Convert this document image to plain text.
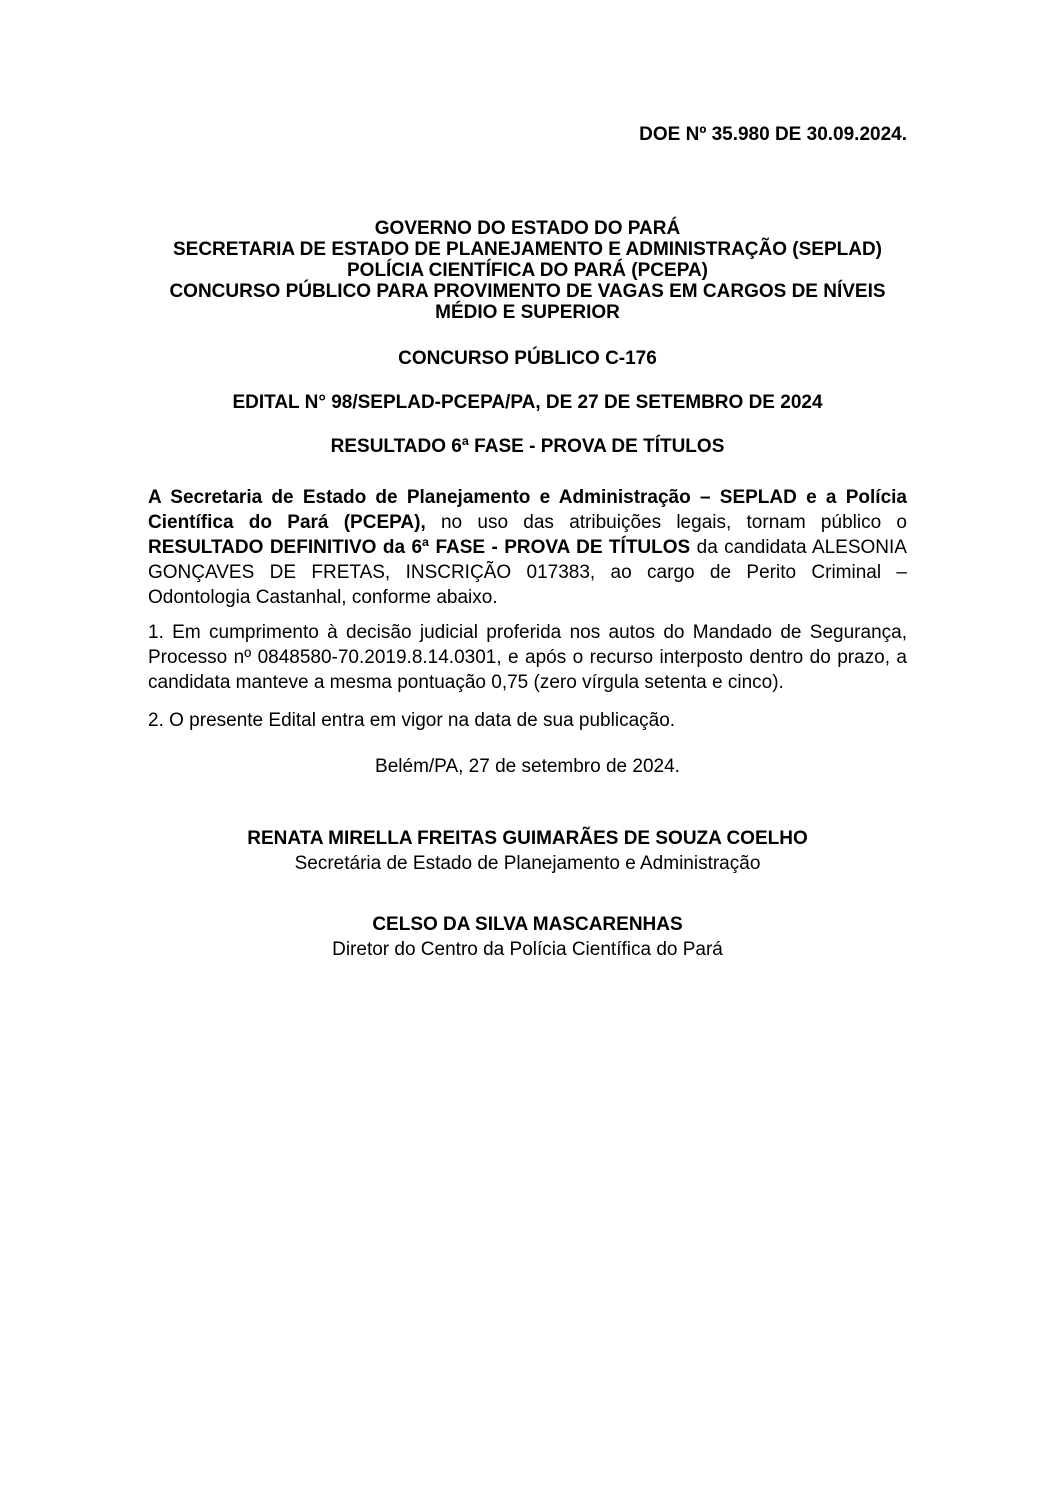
DOE Nº 35.980 DE 30.09.2024.
GOVERNO DO ESTADO DO PARÁ
SECRETARIA DE ESTADO DE PLANEJAMENTO E ADMINISTRAÇÃO (SEPLAD)
POLÍCIA CIENTÍFICA DO PARÁ (PCEPA)
CONCURSO PÚBLICO PARA PROVIMENTO DE VAGAS EM CARGOS DE NÍVEIS
MÉDIO E SUPERIOR
CONCURSO PÚBLICO C-176
EDITAL N° 98/SEPLAD-PCEPA/PA, DE 27 DE SETEMBRO DE 2024
RESULTADO 6ª FASE - PROVA DE TÍTULOS

A Secretaria de Estado de Planejamento e Administração – SEPLAD e a Polícia Científica do Pará (PCEPA), no uso das atribuições legais, tornam público o RESULTADO DEFINITIVO da 6ª FASE - PROVA DE TÍTULOS da candidata ALESONIA GONÇAVES DE FRETAS, INSCRIÇÃO 017383, ao cargo de Perito Criminal – Odontologia Castanhal, conforme abaixo.

1. Em cumprimento à decisão judicial proferida nos autos do Mandado de Segurança, Processo nº 0848580-70.2019.8.14.0301, e após o recurso interposto dentro do prazo, a candidata manteve a mesma pontuação 0,75 (zero vírgula setenta e cinco).

2. O presente Edital entra em vigor na data de sua publicação.

Belém/PA, 27 de setembro de 2024.
RENATA MIRELLA FREITAS GUIMARÃES DE SOUZA COELHO
Secretária de Estado de Planejamento e Administração
CELSO DA SILVA MASCARENHAS
Diretor do Centro da Polícia Científica do Pará
